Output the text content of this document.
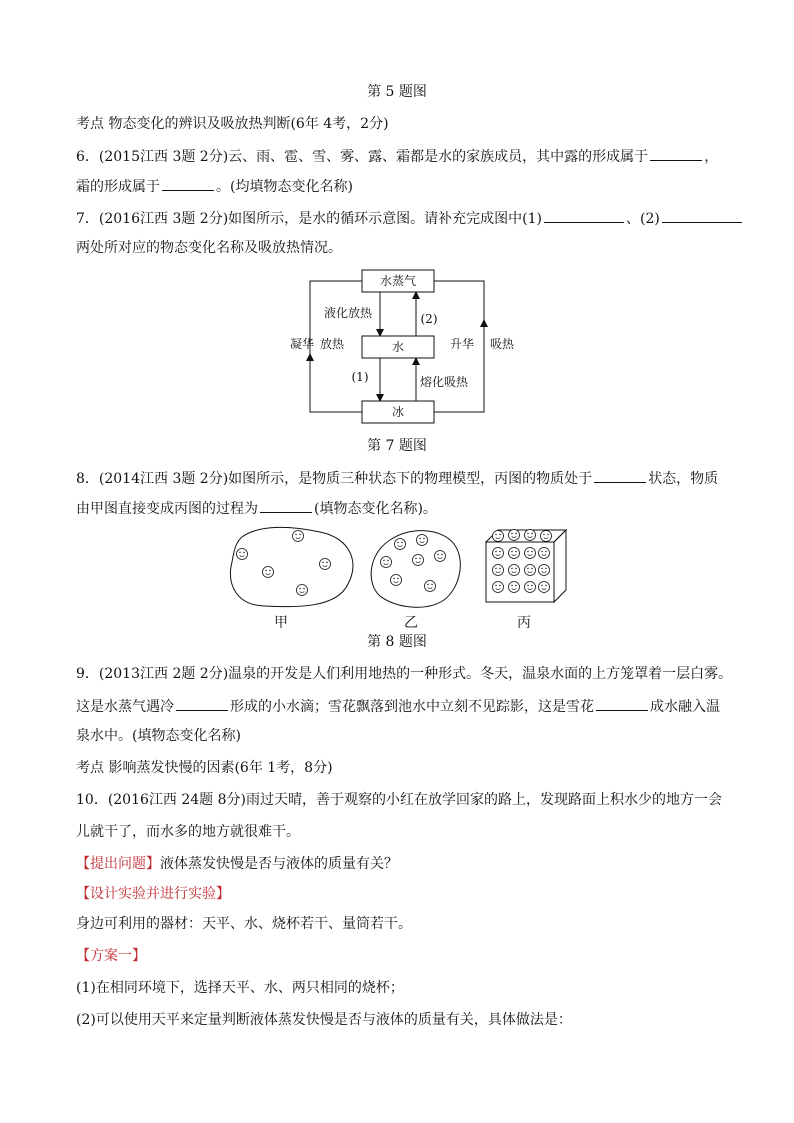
第 5 题图
考点 物态变化的辨识及吸放热判断(6年 4考，2分)
6．(2015江西 3题 2分)云、雨、雹、雪、雾、露、霜都是水的家族成员，其中露的形成属于	，
霜的形成属于	。(均填物态变化名称)
7．(2016江西 3题 2分)如图所示，是水的循环示意图。请补充完成图中(1)	、(2)
两处所对应的物态变化名称及吸放热情况。
水蒸气
水
冰
液化放热	(2)
凝华 放热	升华 吸热
(1)	熔化吸热
第 7 题图
8．(2014江西 3题 2分)如图所示，是物质三种状态下的物理模型，丙图的物质处于	状态，物质
由甲图直接变成丙图的过程为	(填物态变化名称)。
甲	乙	丙
第 8 题图
9．(2013江西 2题 2分)温泉的开发是人们利用地热的一种形式。冬天，温泉水面的上方笼罩着一层白雾。
这是水蒸气遇冷	形成的小水滴；雪花飘落到池水中立刻不见踪影，这是雪花	成水融入温
泉水中。(填物态变化名称)
考点 影响蒸发快慢的因素(6年 1考，8分)
10．(2016江西 24题 8分)雨过天晴，善于观察的小红在放学回家的路上，发现路面上积水少的地方一会
儿就干了，而水多的地方就很难干。
【提出问题】液体蒸发快慢是否与液体的质量有关？
【设计实验并进行实验】
身边可利用的器材：天平、水、烧杯若干、量筒若干。
【方案一】
(1)在相同环境下，选择天平、水、两只相同的烧杯；
(2)可以使用天平来定量判断液体蒸发快慢是否与液体的质量有关，具体做法是：
